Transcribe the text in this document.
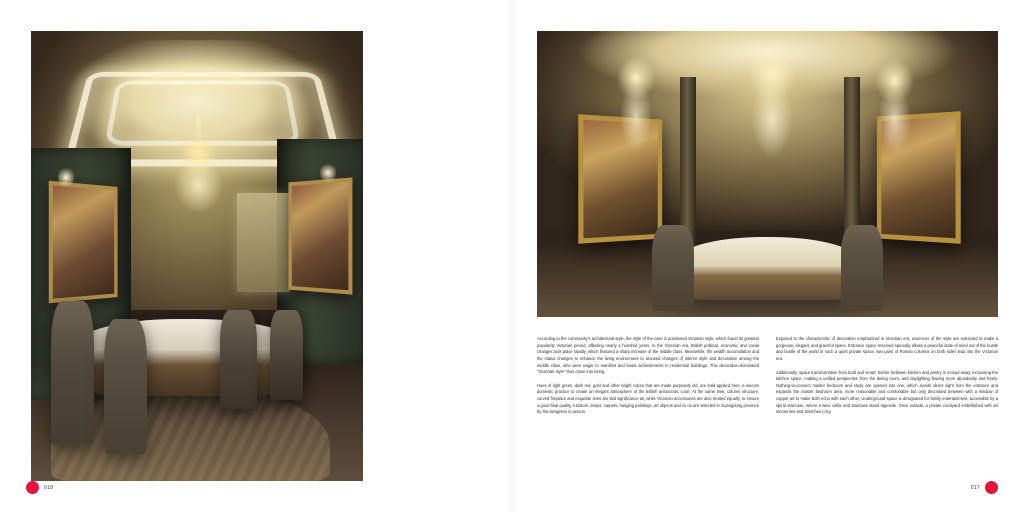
018

According to the community's architectural style, the style of the case is positioned Victorian style, which found its greatest popularity Victorian period, affecting nearly a hundred years. In the Victorian era, British political, economic and social changes took place rapidly, which featured a sharp increase of the middle class. Meanwhile, the wealth accumulation and the status changes to enhance the living environment to aroused changes of interior style and decoration among the middle class, who were eager to manifest and boast achievements in residential buildings. This decoration-dominated "Victorian style" thus came into being.

Hues of light green, dark red, gold and other bright colors that are made purposely old, are bold applied here, a seicom domestic practice to create an elegant atmosphere of the British aristocratic court. At the same time, column structure, curved fireplace and exquisite lines are laid significance air, while Victorian accessories are also treated equally, to ensure a good final quality, furniture, lamps, carpets, hanging paintings, art objects and so on are selected in Guangdong province by the designers in person.

Exposed to the characteristic of decoration emphasized in Victorian era, essences of the style are extracted to make a gorgeous, elegant, and graceful space. Entrance space reserved specially allows a peaceful state of mind out of the hustle and bustle of the world in such a quiet private space, two pairs of Roman columns on both sides lead into the Victorian era.

Additionally, space transformation from bold and smart: barrier between kitchen and pantry is moved away, increasing the kitchen space, making a unified perspective from the dining room, and daylighting flowing more abundantly and freely. Nothing-to-connect master bedroom and study are opened into one, which avoids direct sight from the entrance and expands the master bedroom area, more reasonable and comfortable but only decorated between with a window of copper art to make both echo with each other. Underground space is designated for family entertainment, accessible by a spiral staircase, where a wine cellar and staircase stand opposite. Once outside, a private courtyard embellished with art stones lies and stretches cozy.

017
